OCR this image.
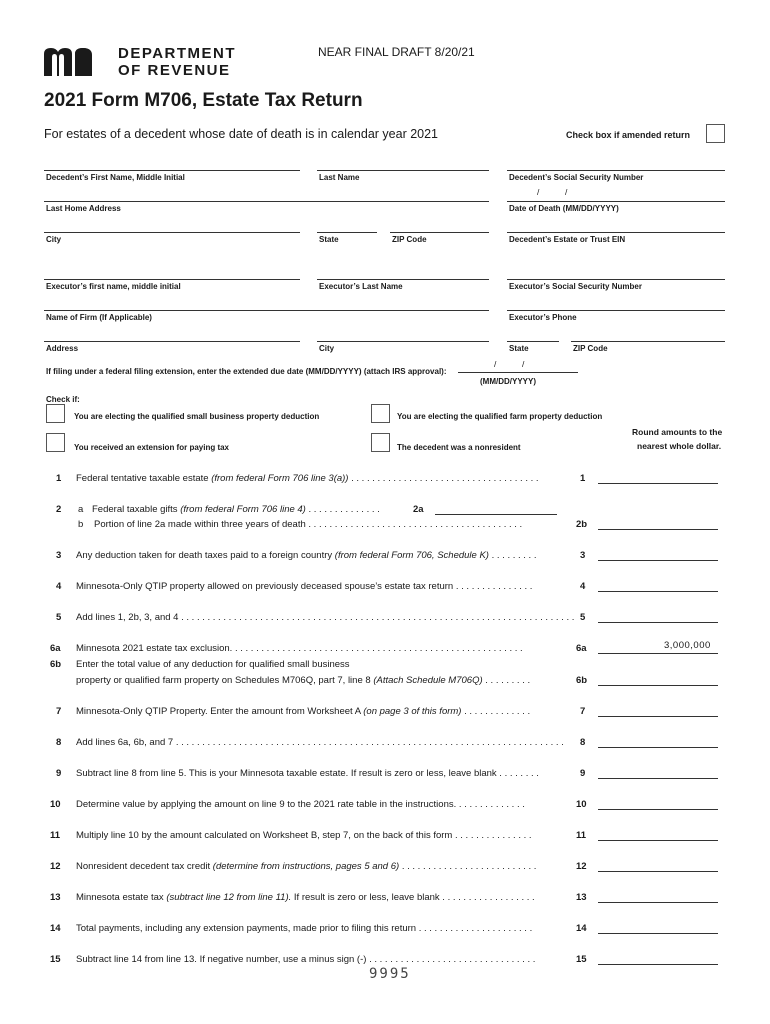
DEPARTMENT
OF REVENUE
NEAR FINAL DRAFT 8/20/21
2021 Form M706, Estate Tax Return
For estates of a decedent whose date of death is in calendar year 2021	Check box if amended return
Decedent’s First Name, Middle Initial	Last Name	Decedent’s Social Security Number
/	/
Last Home Address	Date of Death (MM/DD/YYYY)
City	State	ZIP Code	Decedent’s Estate or Trust EIN
Executor’s first name, middle initial	Executor’s Last Name	Executor’s Social Security Number
Name of Firm (If Applicable)	Executor’s Phone
Address	City	State	ZIP Code
If filing under a federal filing extension, enter the extended due date (MM/DD/YYYY) (attach IRS approval):
/	/
(MM/DD/YYYY)
Check if:
You are electing the qualified small business property deduction	You are electing the qualified farm property deduction
You received an extension for paying tax	The decedent was a nonresident
Round amounts to the
nearest whole dollar.
1 Federal tentative taxable estate (from federal Form 706 line 3(a)) . . . . . . . . . . . . . . . . . . . . . . . . . . . . . . . . . . . .	1
2 a Federal taxable gifts (from federal Form 706 line 4) . . . . . . . . . . . . . .	2a
b Portion of line 2a made within three years of death . . . . . . . . . . . . . . . . . . . . . . . . . . . . . . . . . . . . . . . . .	2b
3 Any deduction taken for death taxes paid to a foreign country (from federal Form 706, Schedule K) . . . . . . . . .	3
4 Minnesota-Only QTIP property allowed on previously deceased spouse’s estate tax return . . . . . . . . . . . . . . .	4
5 Add lines 1, 2b, 3, and 4 . . . . . . . . . . . . . . . . . . . . . . . . . . . . . . . . . . . . . . . . . . . . . . . . . . . . . . . . . . . . . . . . . . . . . . . . . . . 5
6a Minnesota 2021 estate tax exclusion. . . . . . . . . . . . . . . . . . . . . . . . . . . . . . . . . . . . . . . . . . . . . . . . . . . . . . . .	6a	3,000,000
6b Enter the total value of any deduction for qualified small business
property or qualified farm property on Schedules M706Q, part 7, line 8 (Attach Schedule M706Q) . . . . . . . . .	6b
7 Minnesota-Only QTIP Property. Enter the amount from Worksheet A (on page 3 of this form) . . . . . . . . . . . . .	7
8 Add lines 6a, 6b, and 7 . . . . . . . . . . . . . . . . . . . . . . . . . . . . . . . . . . . . . . . . . . . . . . . . . . . . . . . . . . . . . . . . . . . . . . . . . . 8
9 Subtract line 8 from line 5. This is your Minnesota taxable estate. If result is zero or less, leave blank . . . . . . . .	9
10 Determine value by applying the amount on line 9 to the 2021 rate table in the instructions. . . . . . . . . . . . . .	10
11 Multiply line 10 by the amount calculated on Worksheet B, step 7, on the back of this form . . . . . . . . . . . . . . .	11
12 Nonresident decedent tax credit (determine from instructions, pages 5 and 6) . . . . . . . . . . . . . . . . . . . . . . . . . .	12
13 Minnesota estate tax (subtract line 12 from line 11). If result is zero or less, leave blank . . . . . . . . . . . . . . . . . .	13
14 Total payments, including any extension payments, made prior to filing this return . . . . . . . . . . . . . . . . . . . . . .	14
15 Subtract line 14 from line 13. If negative number, use a minus sign (-) . . . . . . . . . . . . . . . . . . . . . . . . . . . . . . . .	15
9995
